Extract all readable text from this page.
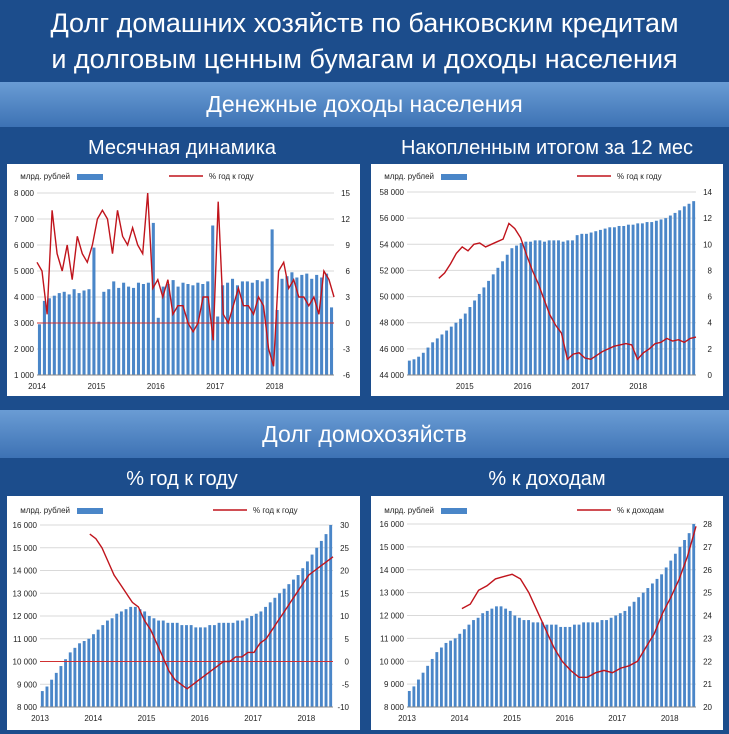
Долг домашних хозяйств по банковским кредитам
и долговым ценным бумагам и доходы населения
Денежные доходы населения
Месячная динамика	Накопленным итогом за 12 мес
1 000
2 000
3 000
4 000
5 000
6 000
7 000
8 000
-6
-3
0
3
6
9
12
15
2014	2015	2016	2017	2018
млрд. рублей	% год к году
44 000
46 000
48 000
50 000
52 000
54 000
56 000
58 000
0
2
4
6
8
10
12
14
2015	2016	2017	2018
млрд. рублей	% год к году
Долг домохозяйств
% год к году	% к доходам
8 000
9 000
10 000
11 000
12 000
13 000
14 000
15 000
16 000
-10
-5
0
5
10
15
20
25
30
2013	2014	2015	2016	2017	2018
млрд. рублей	% год к году
8 000
9 000
10 000
11 000
12 000
13 000
14 000
15 000
16 000
20
21
22
23
24
25
26
27
28
2013	2014	2015	2016	2017	2018
млрд. рублей	% к доходам
